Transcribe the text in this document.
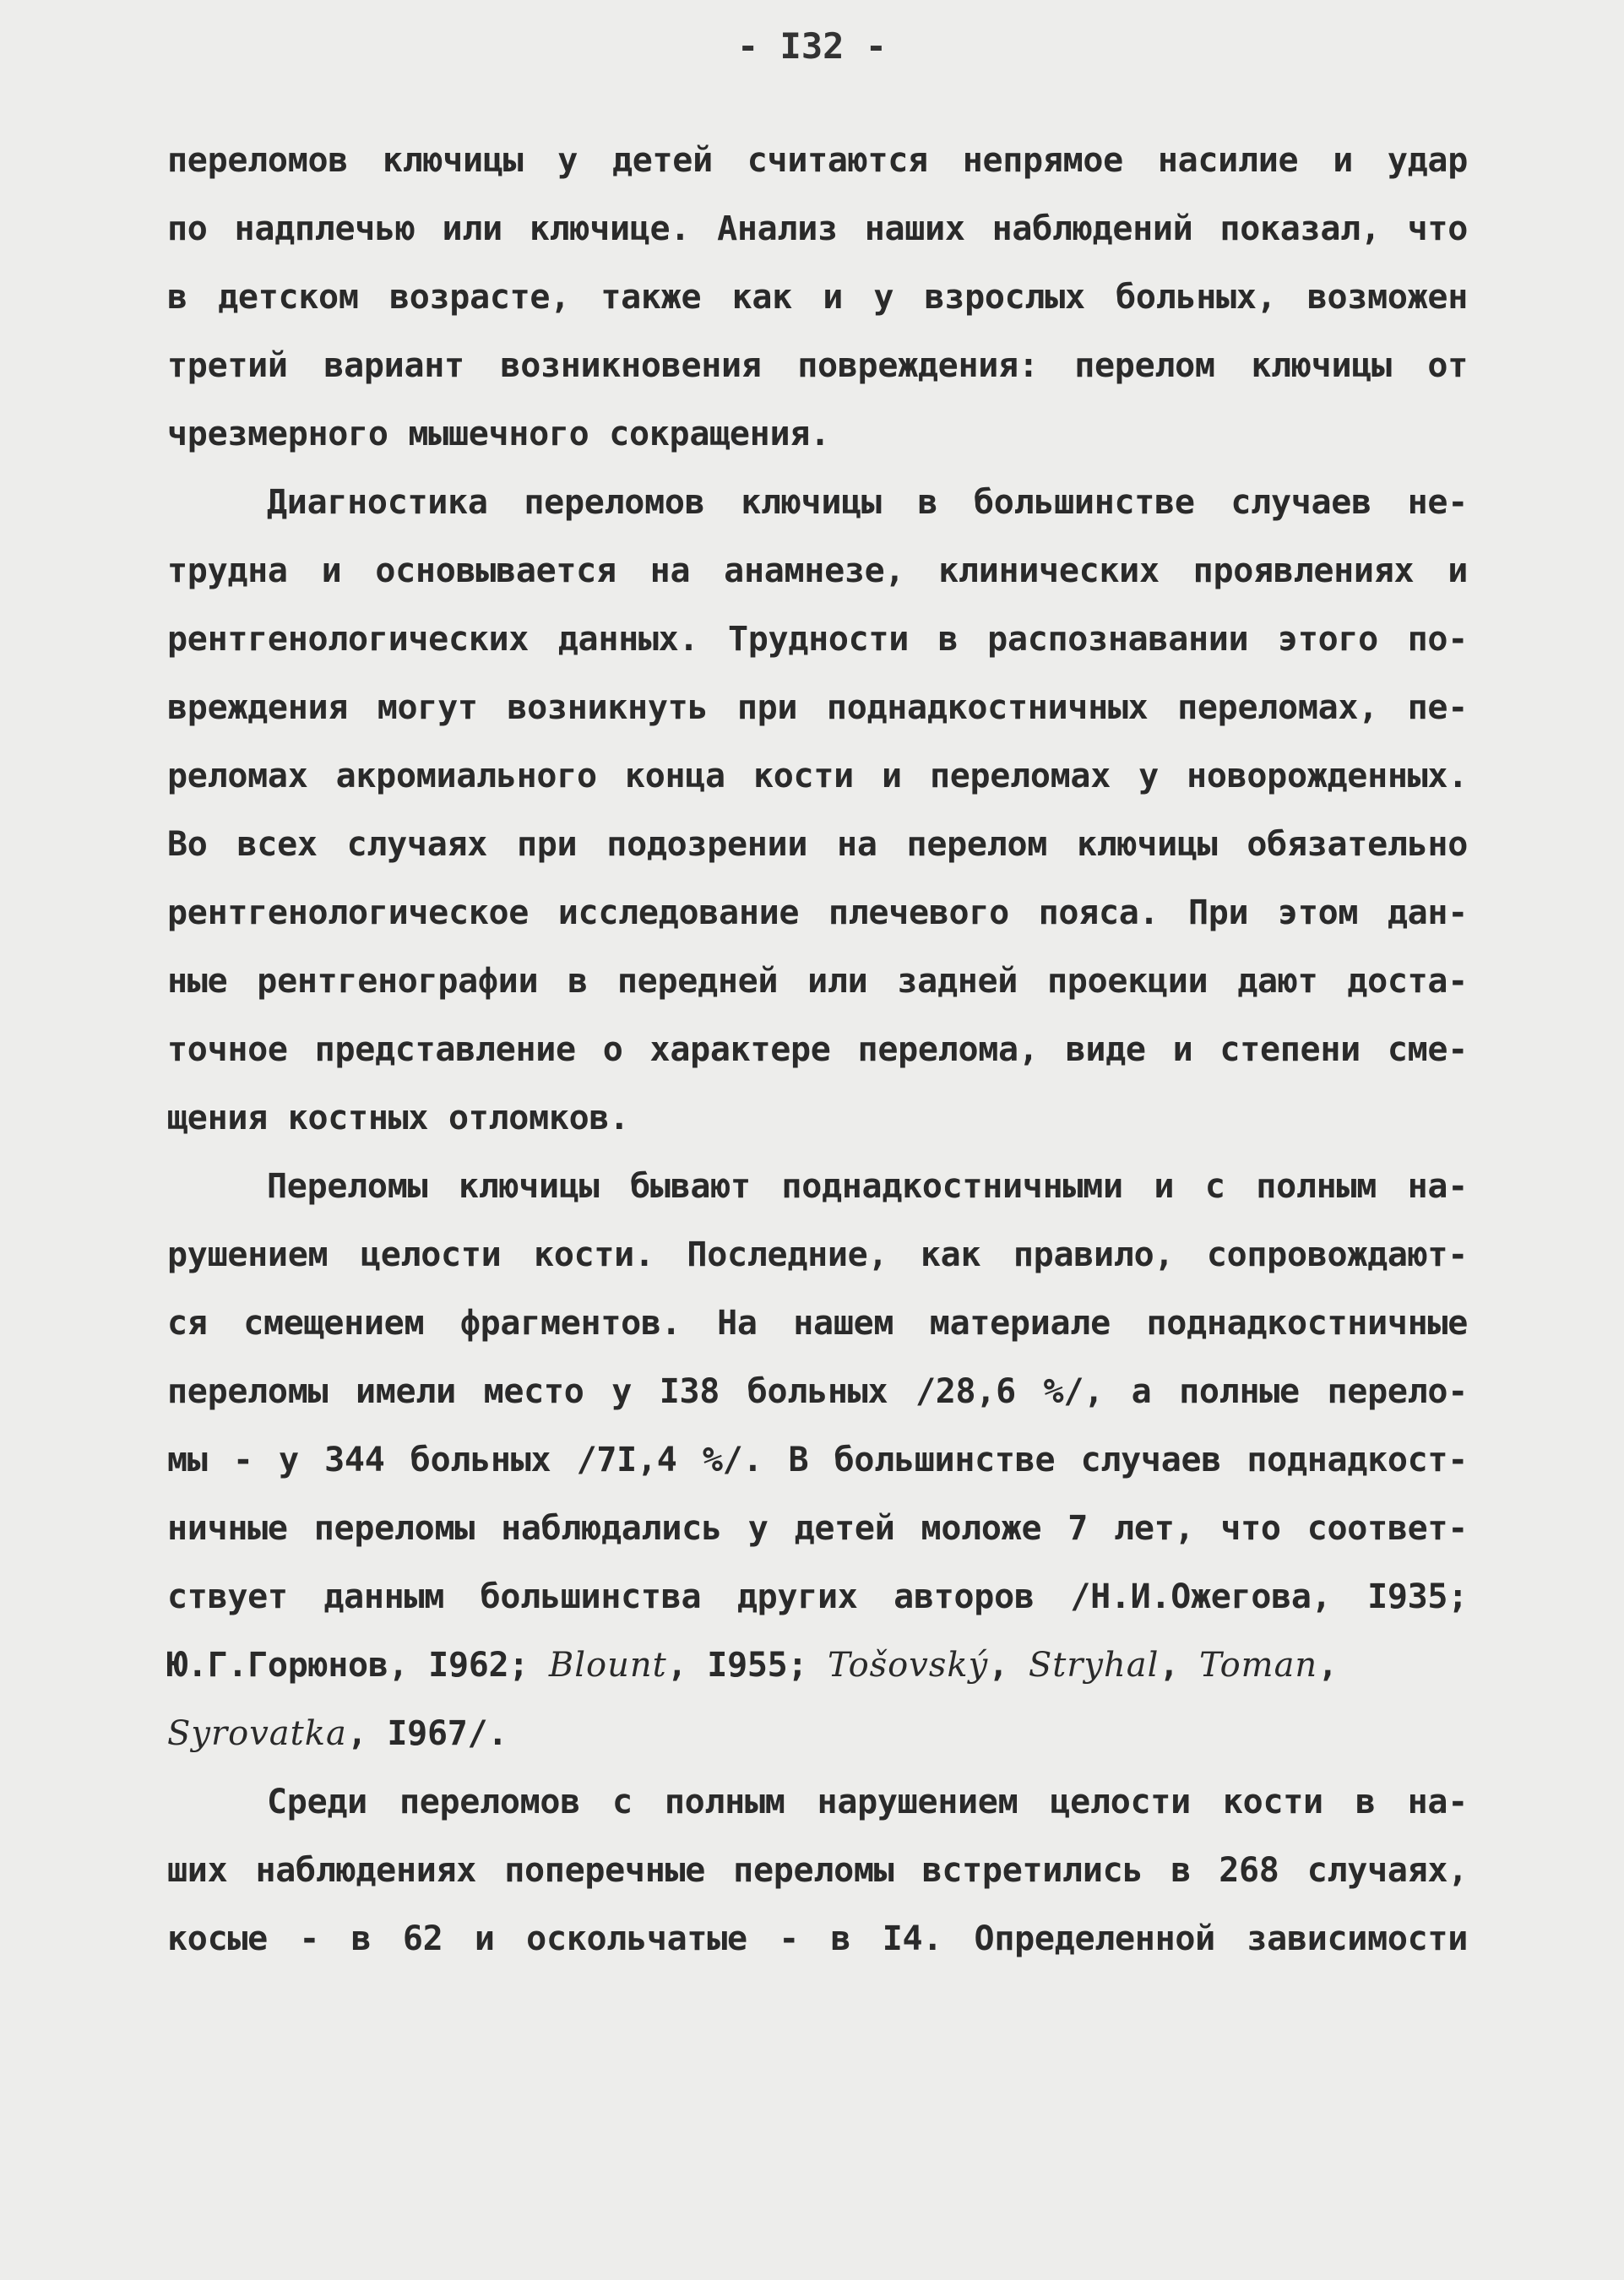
- I32 -
переломов ключицы у детей считаются непрямое насилие и удар
по надплечью или ключице. Анализ наших наблюдений показал, что
в детском возрасте, также как и у взрослых больных, возможен
третий вариант возникновения повреждения: перелом ключицы от
чрезмерного мышечного сокращения.
Диагностика переломов ключицы в большинстве случаев не-
трудна и основывается на анамнезе, клинических проявлениях и
рентгенологических данных. Трудности в распознавании этого по-
вреждения могут возникнуть при поднадкостничных переломах, пе-
реломах акромиального конца кости и переломах у новорожденных.
Во всех случаях при подозрении на перелом ключицы обязательно
рентгенологическое исследование плечевого пояса. При этом дан-
ные рентгенографии в передней или задней проекции дают доста-
точное представление о характере перелома, виде и степени сме-
щения костных отломков.
Переломы ключицы бывают поднадкостничными и с полным на-
рушением целости кости. Последние, как правило, сопровождают-
ся смещением фрагментов. На нашем материале поднадкостничные
переломы имели место у I38 больных /28,6 %/, а полные перело-
мы - у 344 больных /7I,4 %/. В большинстве случаев поднадкост-
ничные переломы наблюдались у детей моложе 7 лет, что соответ-
ствует данным большинства других авторов /Н.И.Ожегова, I935;
Ю.Г.Горюнов, I962; Blount, I955; Tošovský, Stryhal, Toman,
Syrovatka, I967/.
Среди переломов с полным нарушением целости кости в на-
ших наблюдениях поперечные переломы встретились в 268 случаях,
косые - в 62 и оскольчатые - в I4. Определенной зависимости
